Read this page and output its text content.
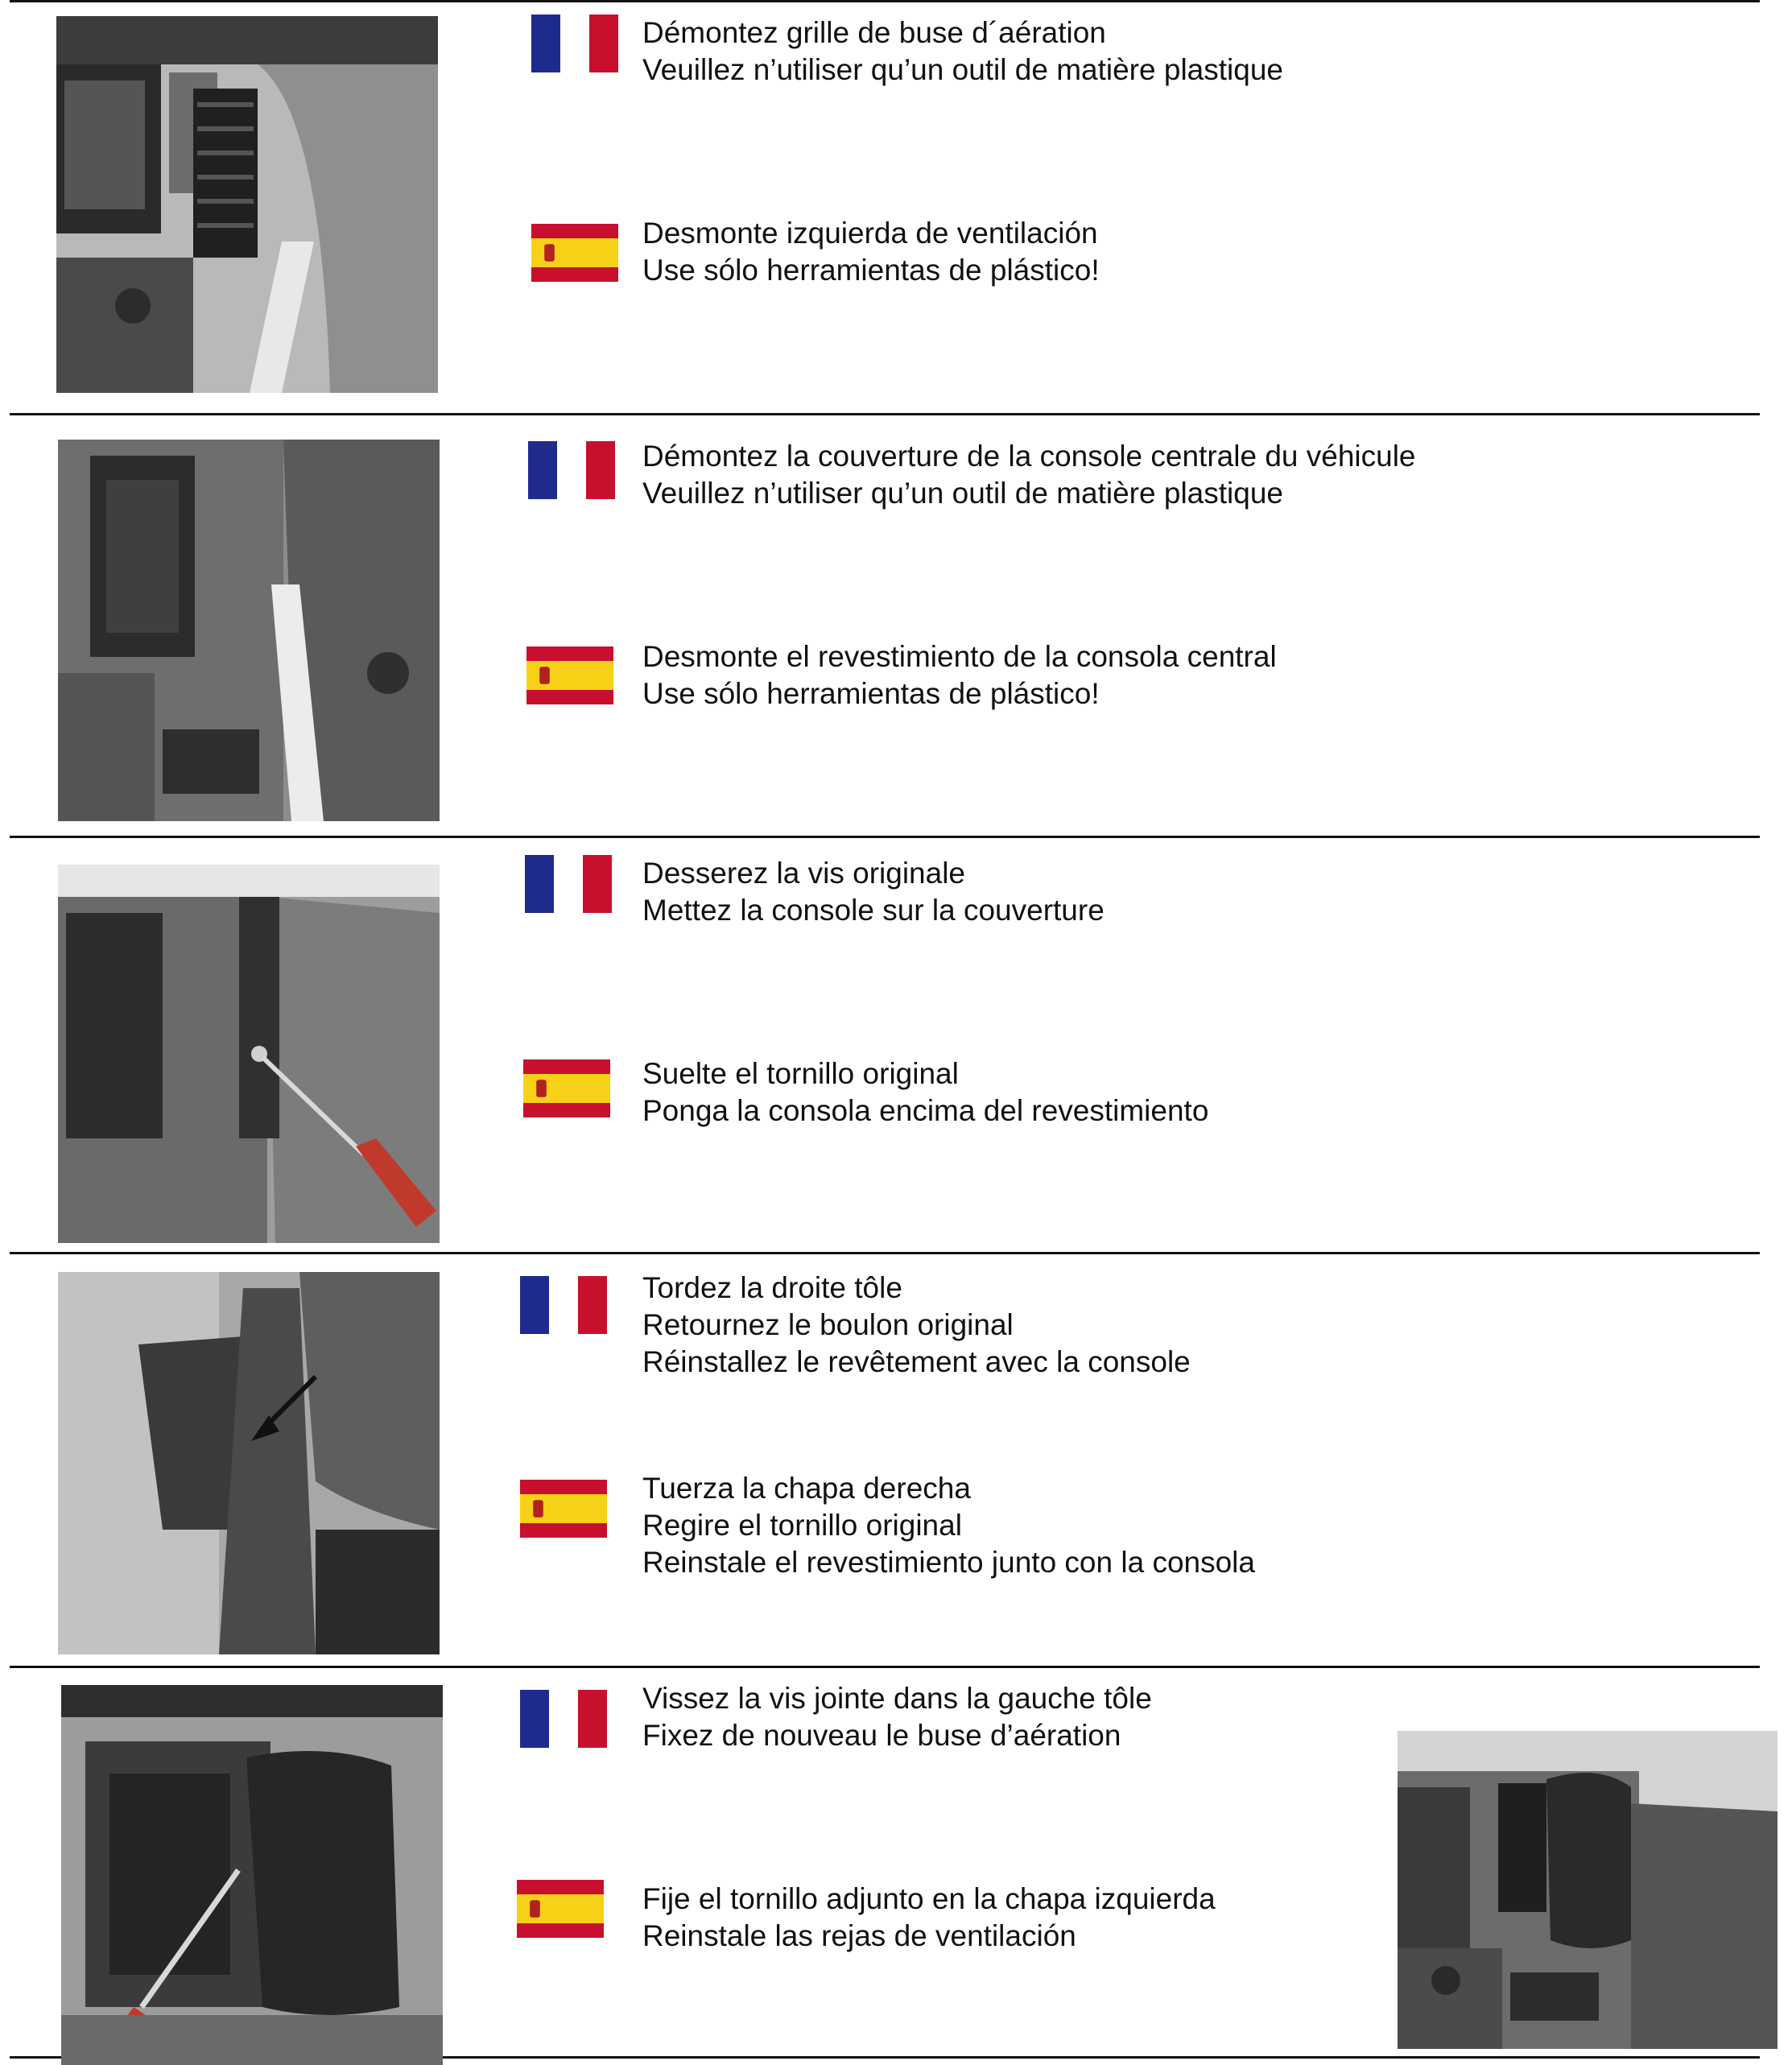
Démontez grille de buse d´aération
Veuillez n’utiliser qu’un outil de matière plastique
Desmonte izquierda de ventilación
Use sólo herramientas de plástico!
Démontez la couverture de la console centrale du véhicule
Veuillez n’utiliser qu’un outil de matière plastique
Desmonte el revestimiento de la consola central
Use sólo herramientas de plástico!
Desserez la vis originale
Mettez la console sur la couverture
Suelte el tornillo original
Ponga la consola encima del revestimiento
Tordez la droite tôle
Retournez le boulon original
Réinstallez le revêtement avec la console
Tuerza la chapa derecha
Regire el tornillo original
Reinstale el revestimiento junto con la consola
Vissez la vis jointe dans la gauche tôle
Fixez de nouveau le buse d’aération
Fije el tornillo adjunto en la chapa izquierda
Reinstale las rejas de ventilación
